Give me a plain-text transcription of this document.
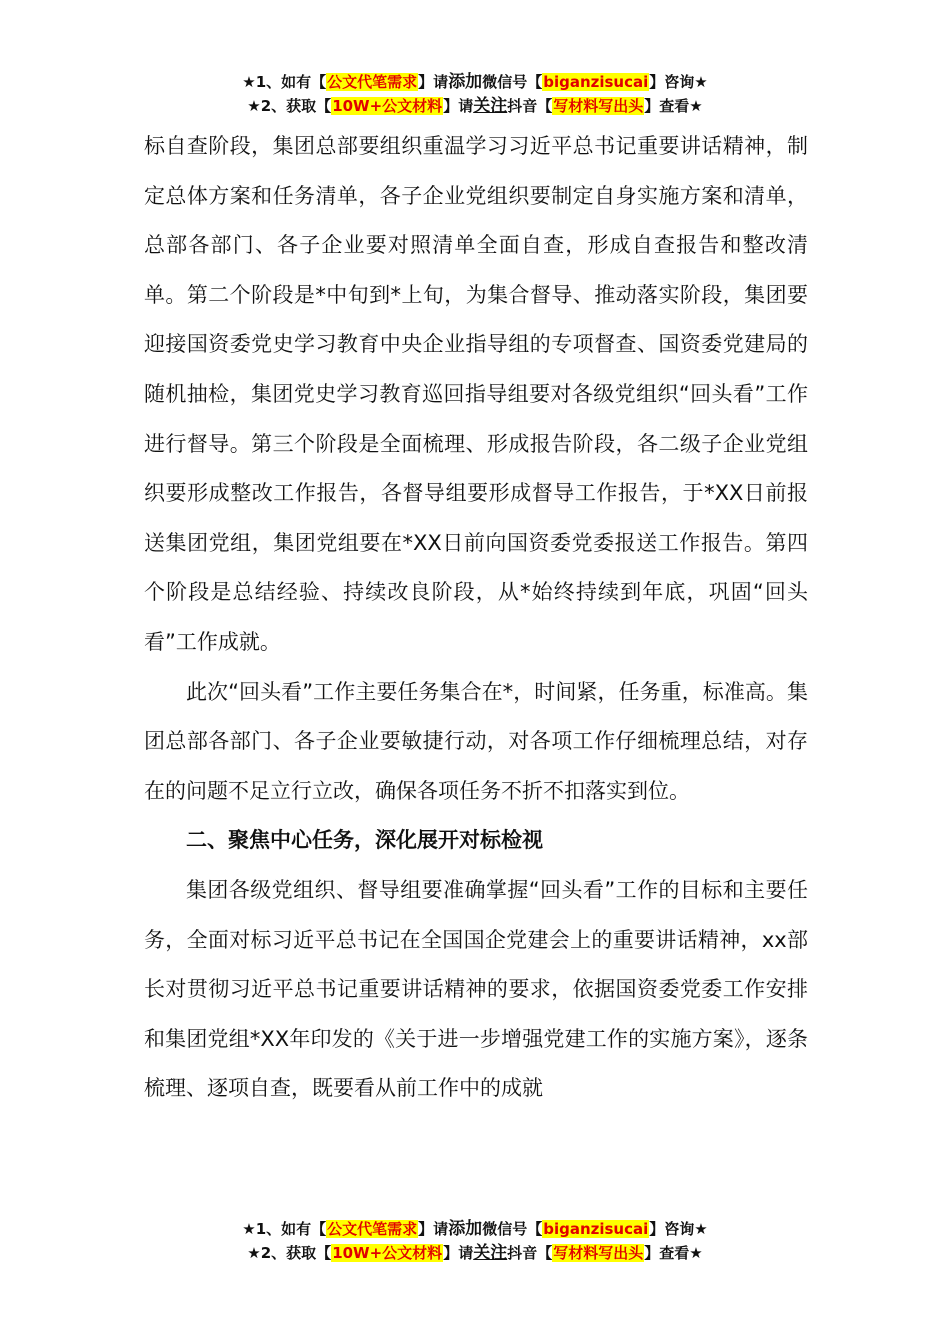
★1、如有【公文代笔需求】请添加微信号【biganzisucai】咨询★
★2、获取【10W+公文材料】请关注抖音【写材料写出头】查看★

标自查阶段，集团总部要组织重温学习习近平总书记重要讲话精神，制定总体方案和任务清单，各子企业党组织要制定自身实施方案和清单，总部各部门、各子企业要对照清单全面自查，形成自查报告和整改清单。第二个阶段是*中旬到*上旬，为集合督导、推动落实阶段，集团要迎接国资委党史学习教育中央企业指导组的专项督查、国资委党建局的随机抽检，集团党史学习教育巡回指导组要对各级党组织“回头看”工作进行督导。第三个阶段是全面梳理、形成报告阶段，各二级子企业党组织要形成整改工作报告，各督导组要形成督导工作报告，于*XX日前报送集团党组，集团党组要在*XX日前向国资委党委报送工作报告。第四个阶段是总结经验、持续改良阶段，从*始终持续到年底，巩固“回头看”工作成就。

此次“回头看”工作主要任务集合在*，时间紧，任务重，标准高。集团总部各部门、各子企业要敏捷行动，对各项工作仔细梳理总结，对存在的问题不足立行立改，确保各项任务不折不扣落实到位。

二、聚焦中心任务，深化展开对标检视

集团各级党组织、督导组要准确掌握“回头看”工作的目标和主要任务，全面对标习近平总书记在全国国企党建会上的重要讲话精神，xx部长对贯彻习近平总书记重要讲话精神的要求，依据国资委党委工作安排和集团党组*XX年印发的《关于进一步增强党建工作的实施方案》，逐条梳理、逐项自查，既要看从前工作中的成就

★1、如有【公文代笔需求】请添加微信号【biganzisucai】咨询★
★2、获取【10W+公文材料】请关注抖音【写材料写出头】查看★
